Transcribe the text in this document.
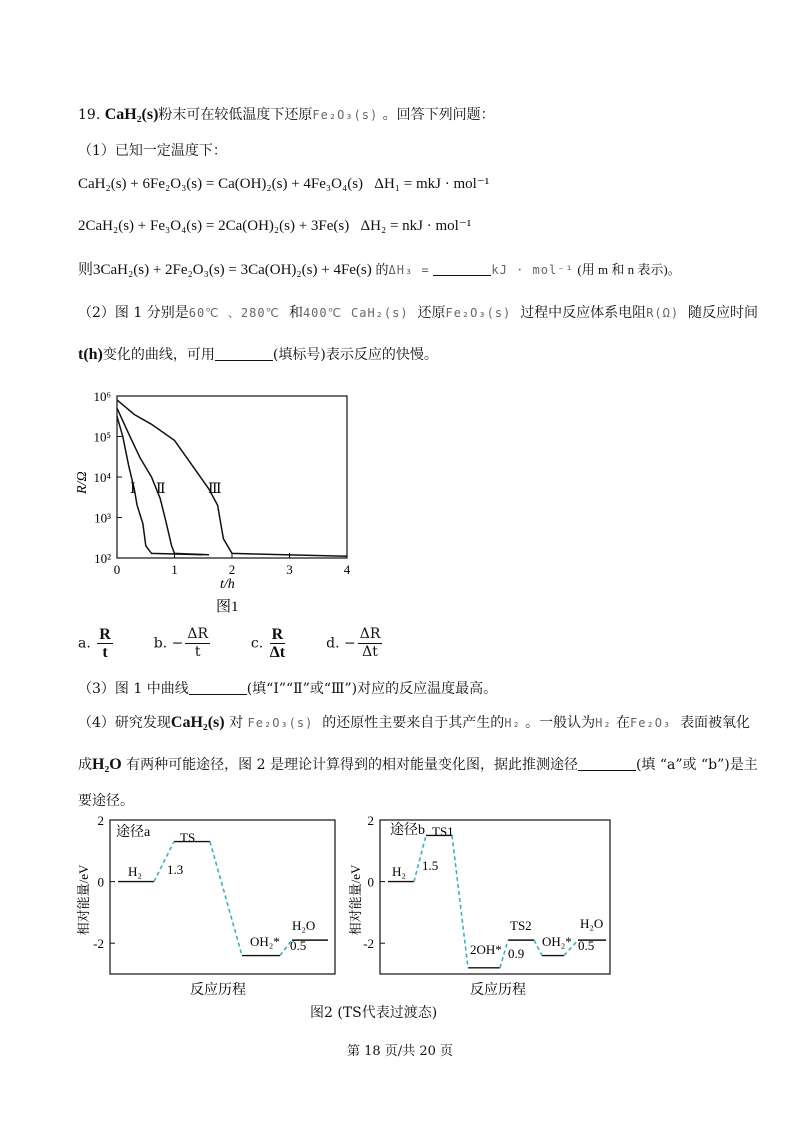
19. CaH₂(s)粉末可在较低温度下还原Fe₂O₃(s) 。回答下列问题：
（1）已知一定温度下：
CaH₂(s) + 6Fe₂O₃(s) = Ca(OH)₂(s) + 4Fe₃O₄(s) ΔH₁ = mkJ · mol⁻¹
2CaH₂(s) + Fe₃O₄(s) = 2Ca(OH)₂(s) + 3Fe(s) ΔH₂ = nkJ · mol⁻¹
则3CaH₂(s) + 2Fe₂O₃(s) = 3Ca(OH)₂(s) + 4Fe(s) 的ΔH₃ =	kJ · mol⁻¹ (用 m 和 n 表示)。
（2）图 1 分别是60℃ 、280℃ 和400℃ CaH₂(s) 还原Fe₂O₃(s) 过程中反应体系电阻R(Ω) 随反应时间
t(h)变化的曲线，可用	(填标号)表示反应的快慢。
10⁶
10⁵
10⁴
10³
10²
0	1	2	3	4
Ⅰ Ⅱ	Ⅲ
R/Ω
t/h
图1
a. $\frac{R}{t}$	b. − $\frac{\Delta R}{t}$	c. $\frac{R}{\Delta t}$	d. − $\frac{\Delta R}{\Delta t}$
（3）图 1 中曲线	(填“Ⅰ”“Ⅱ”或“Ⅲ”)对应的反应温度最高。
（4）研究发现CaH₂(s) 对 Fe₂O₃(s) 的还原性主要来自于其产生的H₂ 。一般认为H₂ 在Fe₂O₃ 表面被氧化
成H₂O 有两种可能途径，图 2 是理论计算得到的相对能量变化图，据此推测途径	(填 “a”或 “b”)是主
要途径。
途径a
2
0
-2
H₂
TS
1.3
OH₂*
H₂O
0.5
相对能量/eV
反应历程
途径b
2
0
-2
H₂
TS1
1.5
2OH*
TS2
0.9
OH₂*
H₂O
0.5
相对能量/eV
反应历程
图2 (TS代表过渡态)
第 18 页/共 20 页
